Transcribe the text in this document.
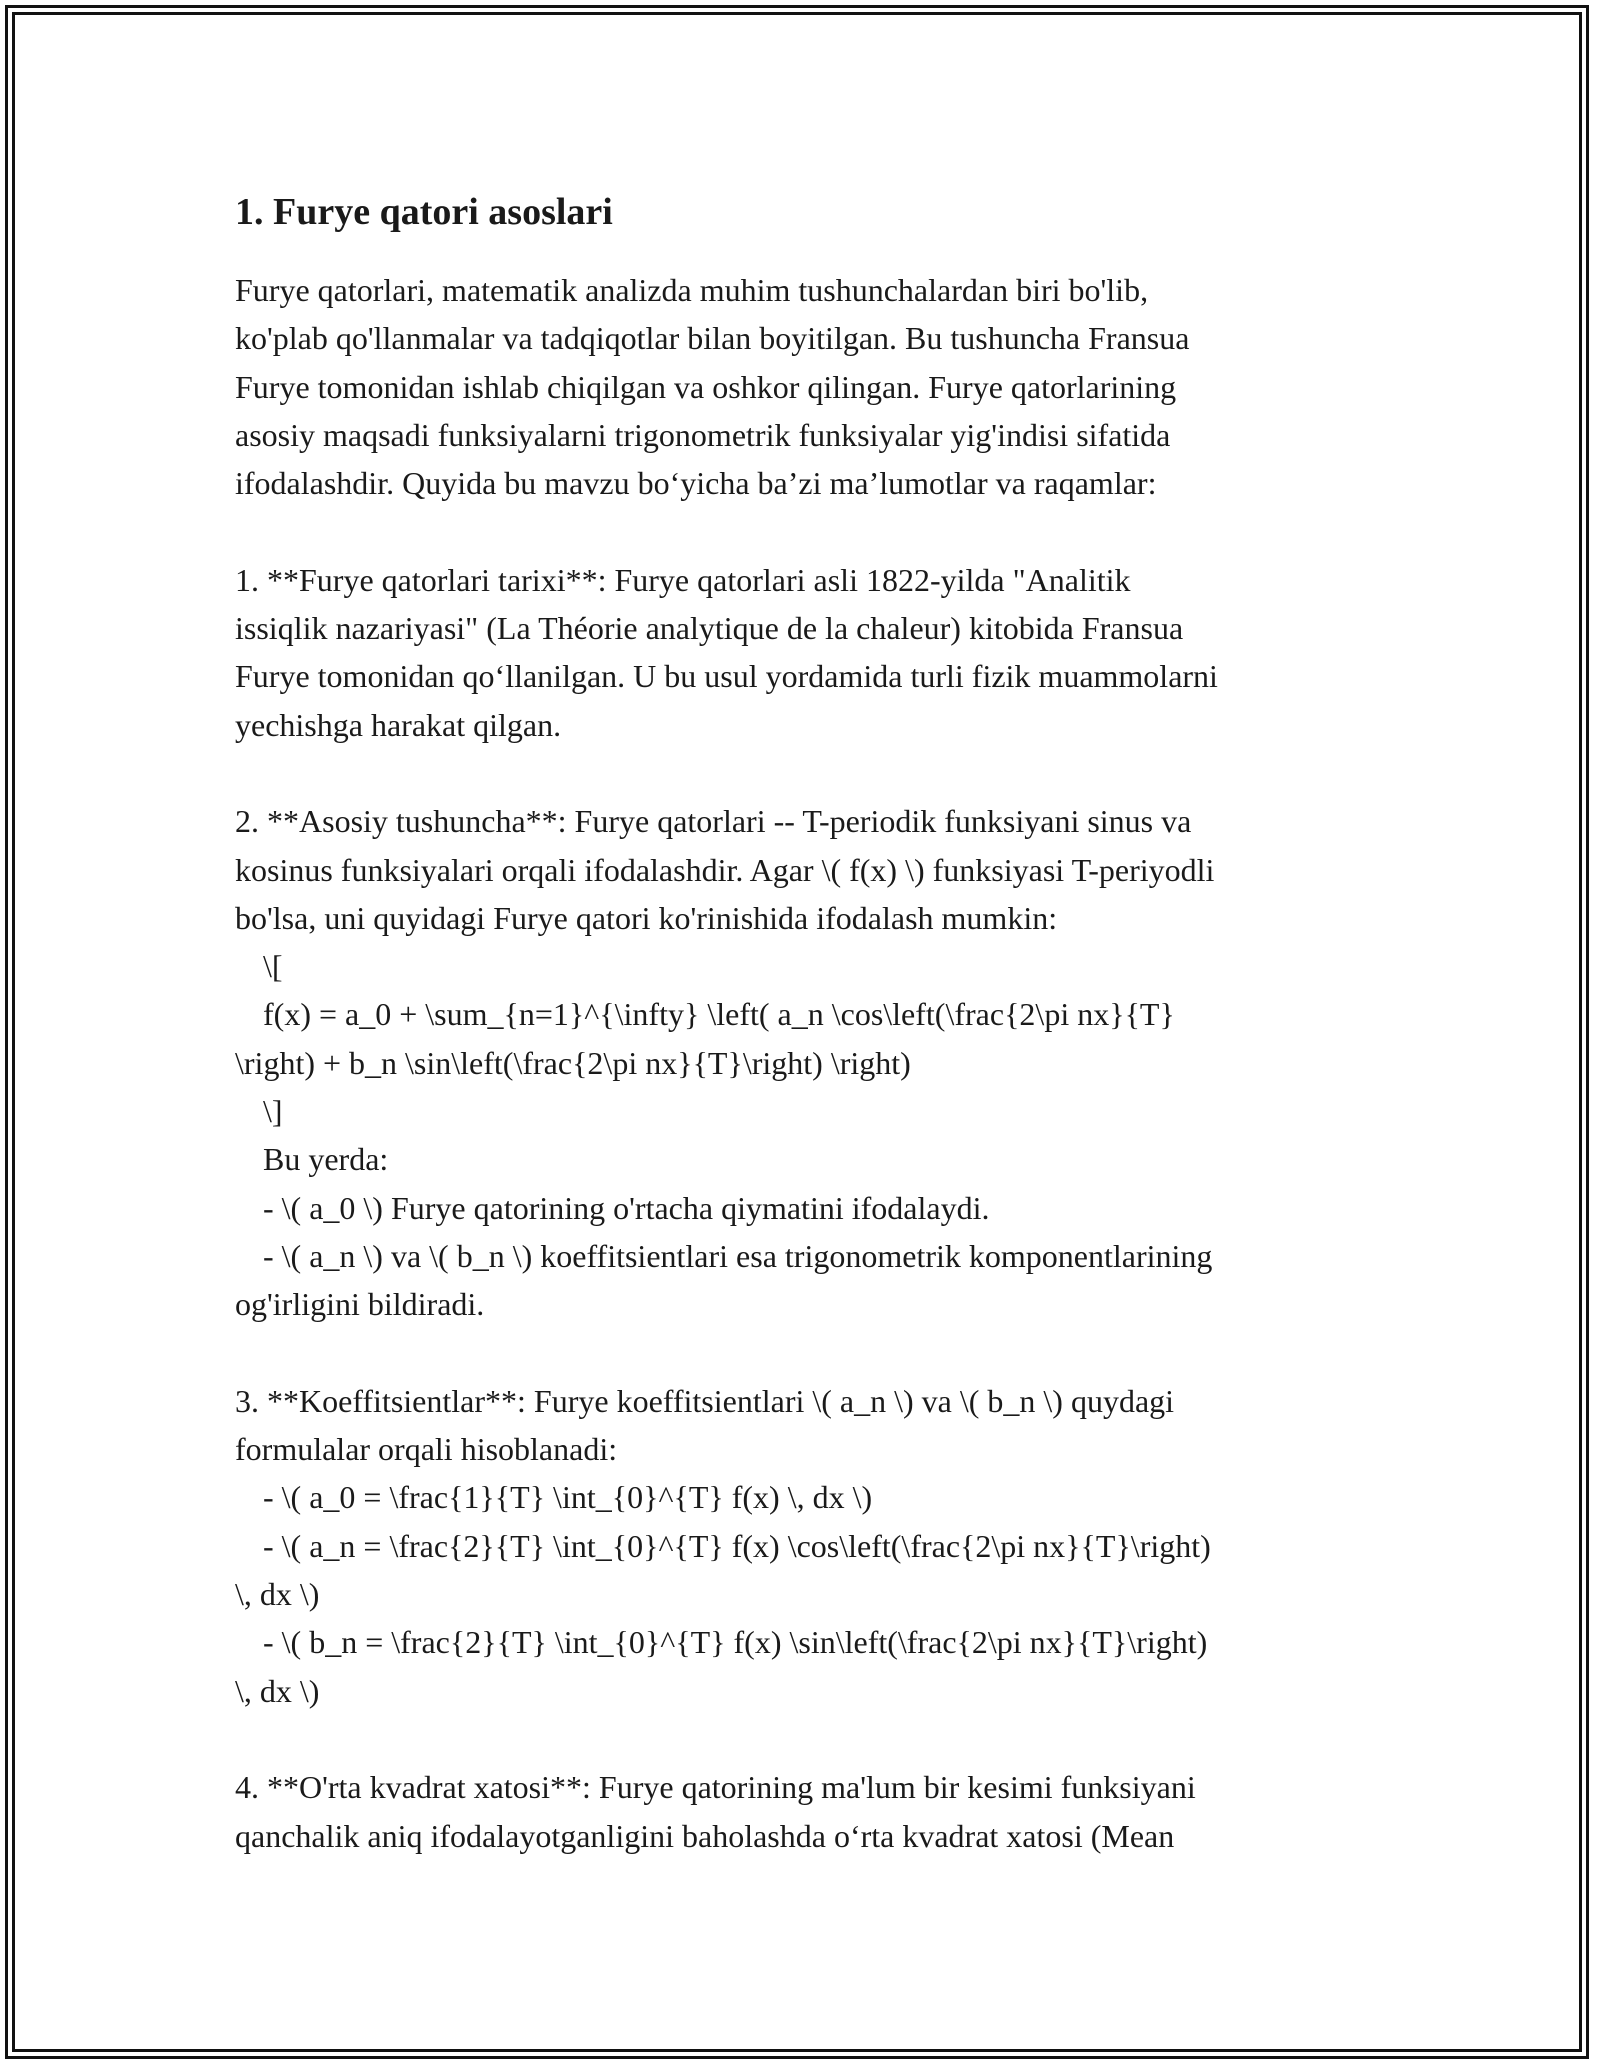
1. Furye qatori asoslari
Furye qatorlari, matematik analizda muhim tushunchalardan biri bo'lib,
ko'plab qo'llanmalar va tadqiqotlar bilan boyitilgan. Bu tushuncha Fransua
Furye tomonidan ishlab chiqilgan va oshkor qilingan. Furye qatorlarining
asosiy maqsadi funksiyalarni trigonometrik funksiyalar yig'indisi sifatida
ifodalashdir. Quyida bu mavzu bo‘yicha ba’zi ma’lumotlar va raqamlar:
1. **Furye qatorlari tarixi**: Furye qatorlari asli 1822-yilda "Analitik
issiqlik nazariyasi" (La Théorie analytique de la chaleur) kitobida Fransua
Furye tomonidan qo‘llanilgan. U bu usul yordamida turli fizik muammolarni
yechishga harakat qilgan.
2. **Asosiy tushuncha**: Furye qatorlari -- T-periodik funksiyani sinus va
kosinus funksiyalari orqali ifodalashdir. Agar \( f(x) \) funksiyasi T-periyodli
bo'lsa, uni quyidagi Furye qatori ko'rinishida ifodalash mumkin:
\[
f(x) = a_0 + \sum_{n=1}^{\infty} \left( a_n \cos\left(\frac{2\pi nx}{T}
\right) + b_n \sin\left(\frac{2\pi nx}{T}\right) \right)
\]
Bu yerda:
- \( a_0 \) Furye qatorining o'rtacha qiymatini ifodalaydi.
- \( a_n \) va \( b_n \) koeffitsientlari esa trigonometrik komponentlarining
og'irligini bildiradi.
3. **Koeffitsientlar**: Furye koeffitsientlari \( a_n \) va \( b_n \) quydagi
formulalar orqali hisoblanadi:
- \( a_0 = \frac{1}{T} \int_{0}^{T} f(x) \, dx \)
- \( a_n = \frac{2}{T} \int_{0}^{T} f(x) \cos\left(\frac{2\pi nx}{T}\right)
\, dx \)
- \( b_n = \frac{2}{T} \int_{0}^{T} f(x) \sin\left(\frac{2\pi nx}{T}\right)
\, dx \)
4. **O'rta kvadrat xatosi**: Furye qatorining ma'lum bir kesimi funksiyani
qanchalik aniq ifodalayotganligini baholashda o‘rta kvadrat xatosi (Mean
